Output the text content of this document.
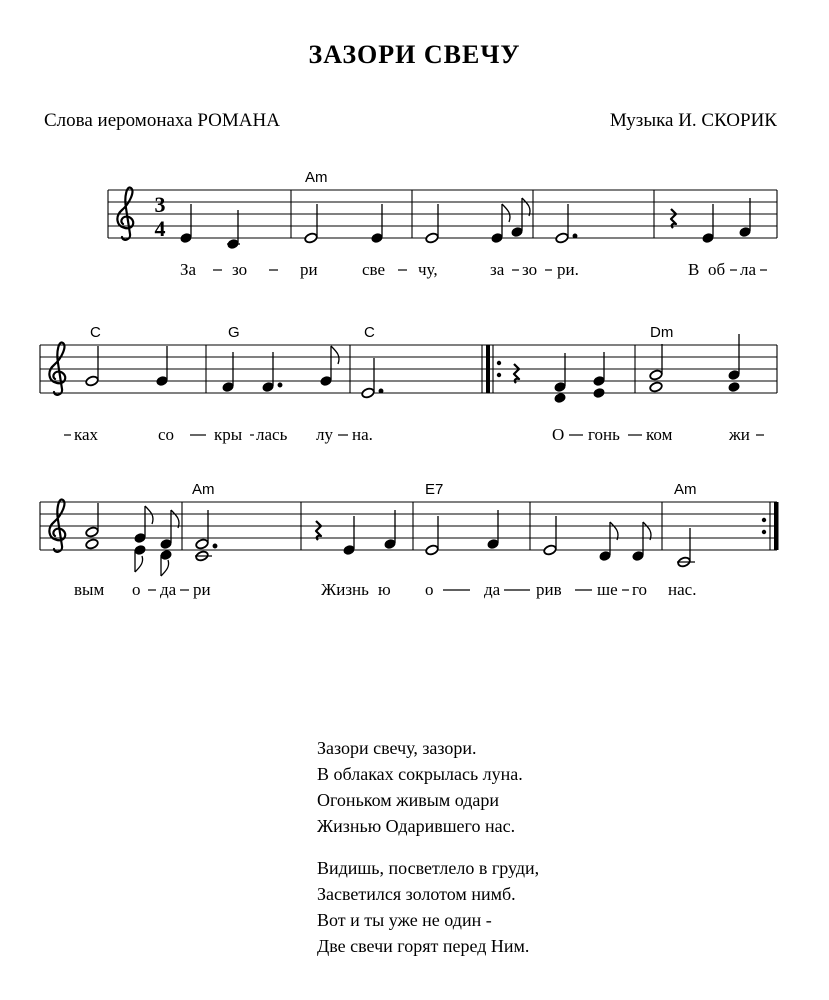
ЗАЗОРИ СВЕЧУ
Слова иеромонаха РОМАНА	Музыка И. СКОРИК
3
4
Am
За зо	ри	све чу,	за зо ри.	В об ла
C	G	C	Dm
ках	со кры лась лу на.	О гонь ком	жи
Am	E7	Am
вым о да ри	Жизнь ю о	да рив ше го нас.
Зазори свечу, зазори.
В облаках сокрылась луна.
Огоньком живым одари
Жизнью Одарившего нас.
Видишь, посветлело в груди,
Засветился золотом нимб.
Вот и ты уже не один -
Две свечи горят перед Ним.
